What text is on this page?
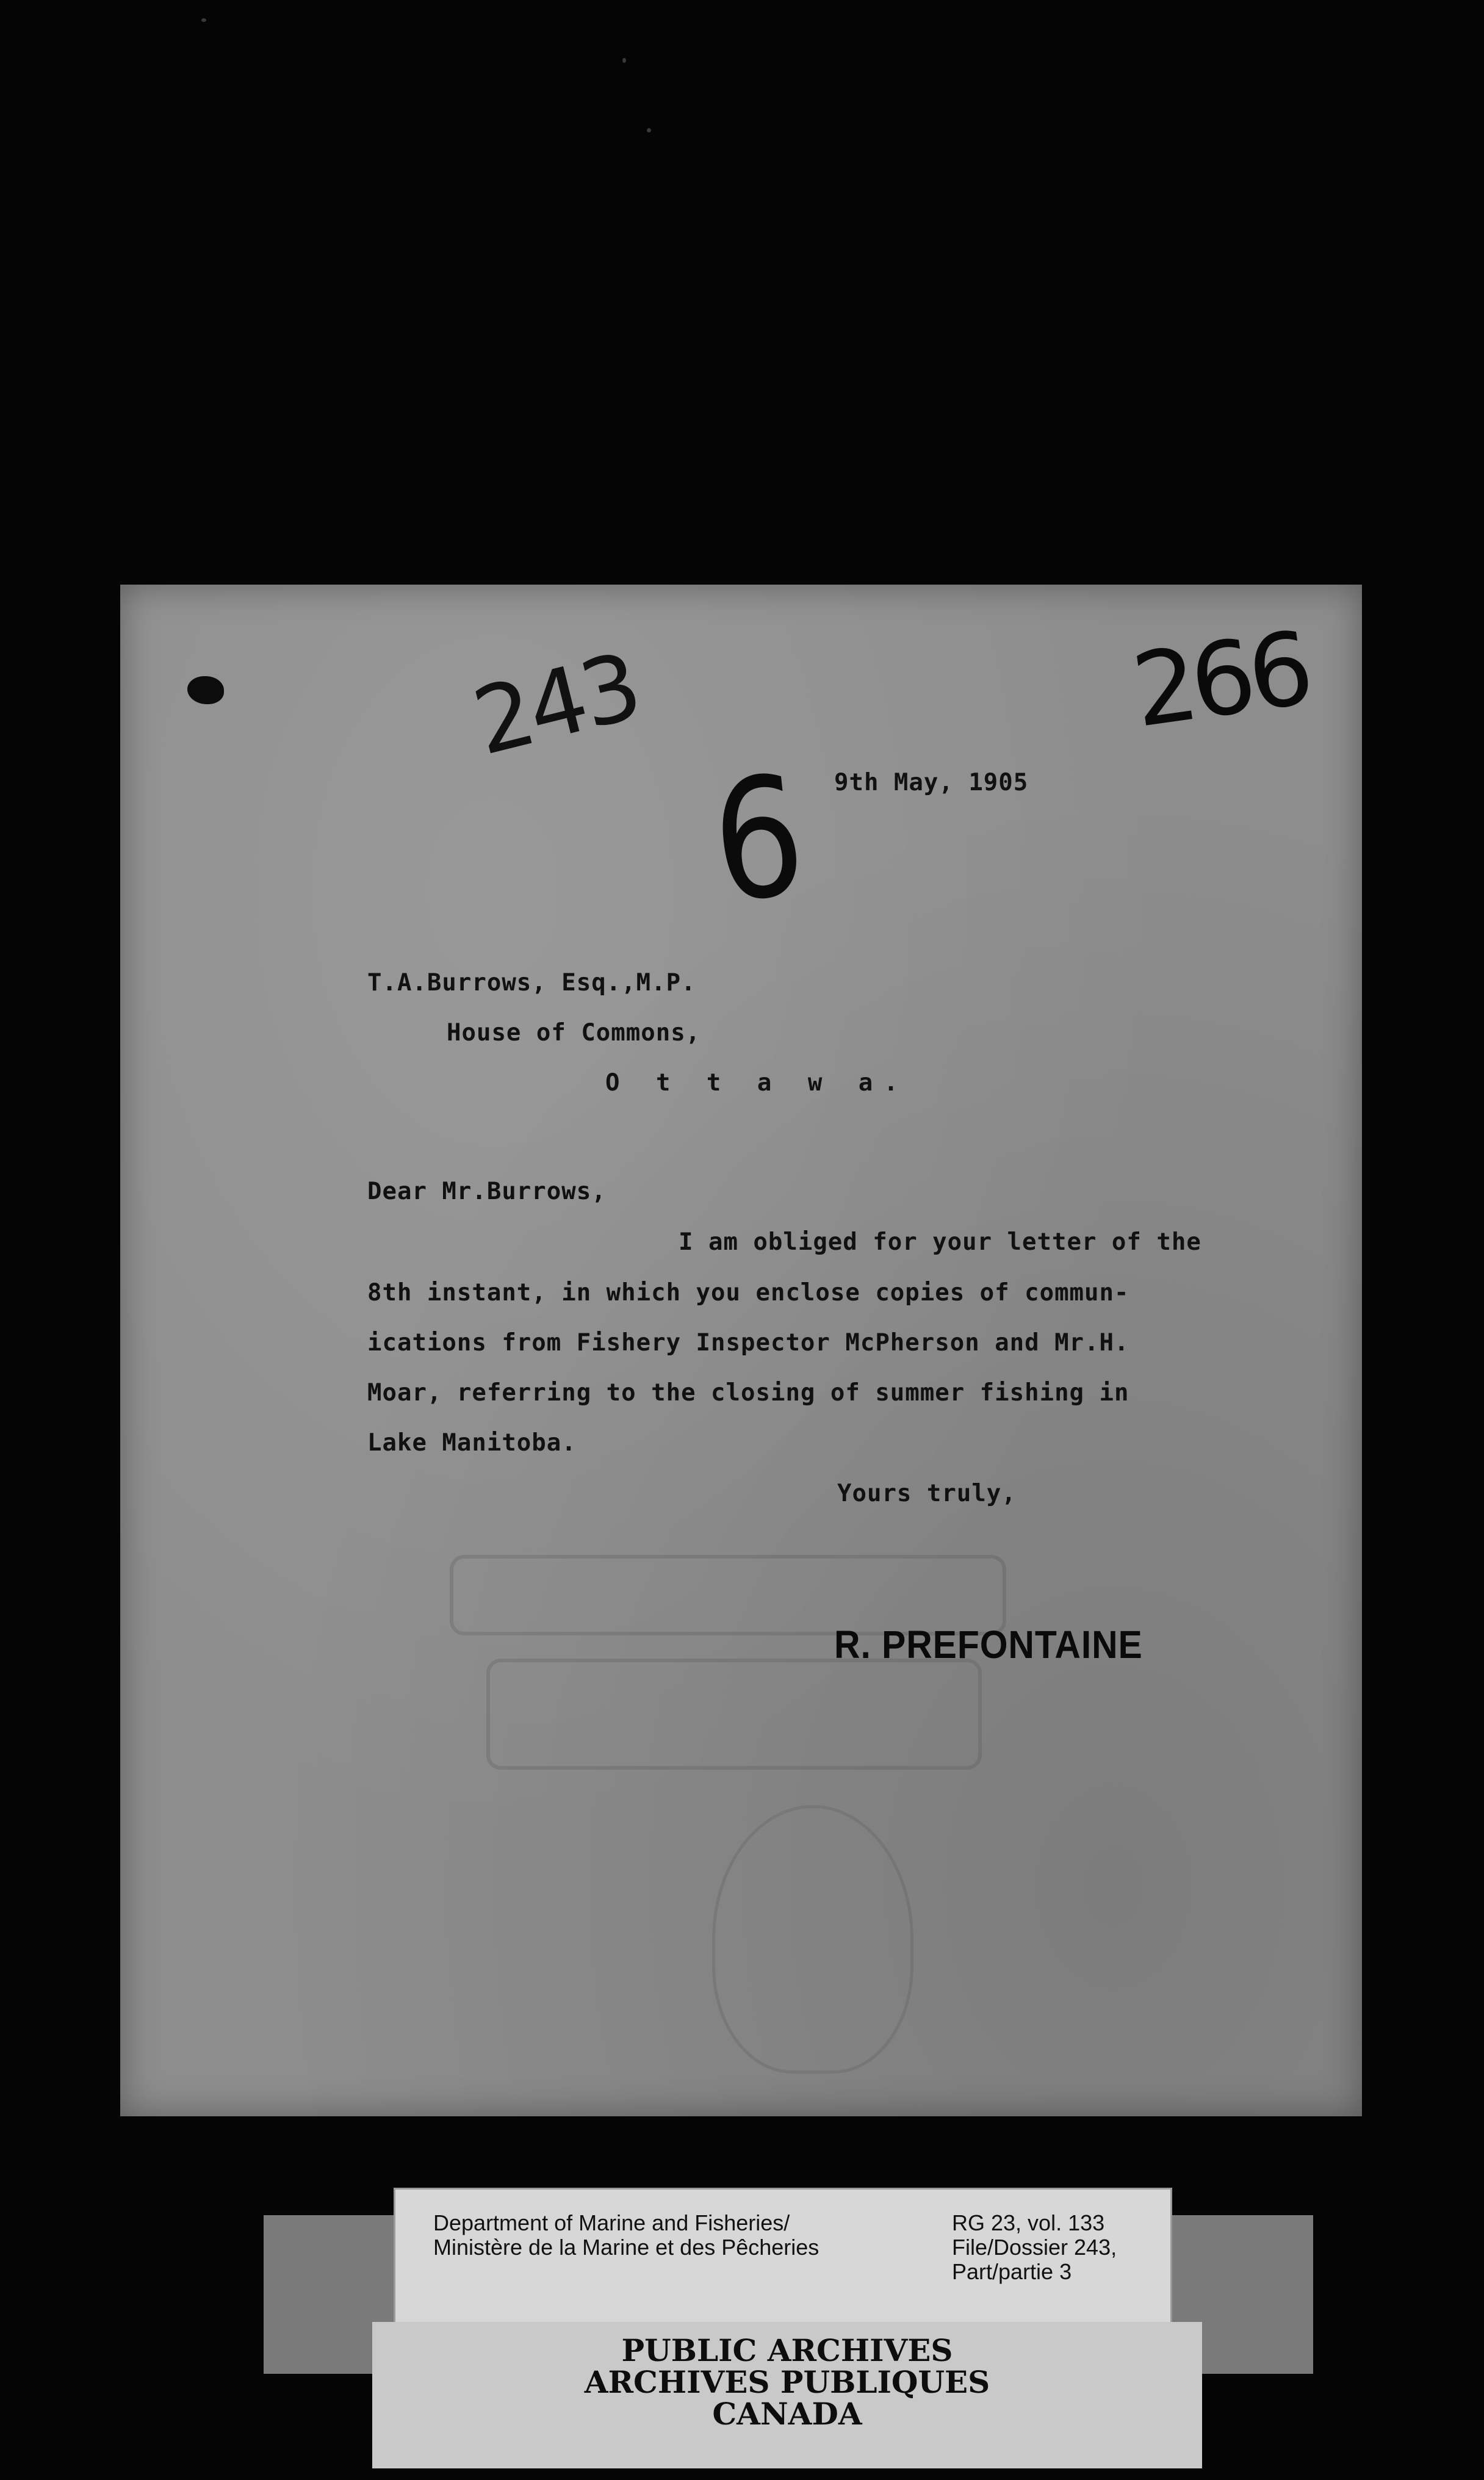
243	266
6 9th May, 1905
T.A.Burrows, Esq.,M.P.
House of Commons,
O t t a w a.
Dear Mr.Burrows,
I am obliged for your letter of the
8th instant, in which you enclose copies of commun-
ications from Fishery Inspector McPherson and Mr.H.
Moar, referring to the closing of summer fishing in
Lake Manitoba.
Yours truly,
R. PREFONTAINE
Department of Marine and Fisheries/
Ministère de la Marine et des Pêcheries
RG 23, vol. 133
File/Dossier 243,
Part/partie 3
PUBLIC ARCHIVES
ARCHIVES PUBLIQUES
CANADA
